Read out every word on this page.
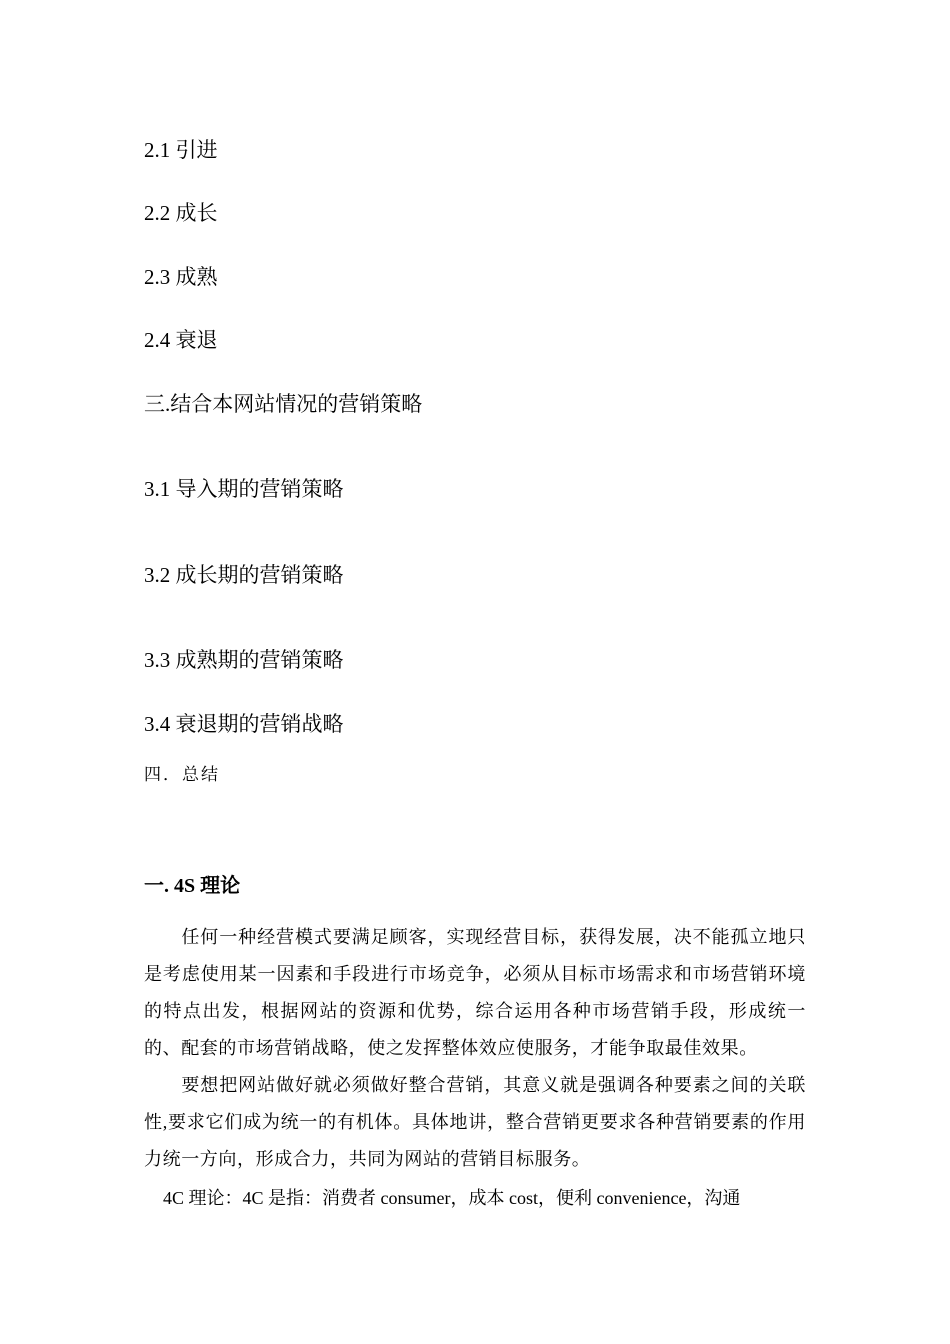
2.1 引进
2.2 成长
2.3 成熟
2.4 衰退
三.结合本网站情况的营销策略
3.1 导入期的营销策略
3.2 成长期的营销策略
3.3 成熟期的营销策略
3.4 衰退期的营销战略
四．总结
一. 4S 理论
任何一种经营模式要满足顾客，实现经营目标，获得发展，决不能孤立地只是考虑使用某一因素和手段进行市场竞争，必须从目标市场需求和市场营销环境的特点出发，根据网站的资源和优势，综合运用各种市场营销手段，形成统一的、配套的市场营销战略，使之发挥整体效应使服务，才能争取最佳效果。
要想把网站做好就必须做好整合营销，其意义就是强调各种要素之间的关联性,要求它们成为统一的有机体。具体地讲，整合营销更要求各种营销要素的作用力统一方向，形成合力，共同为网站的营销目标服务。
4C 理论：4C 是指：消费者 consumer，成本 cost，便利 convenience，沟通
